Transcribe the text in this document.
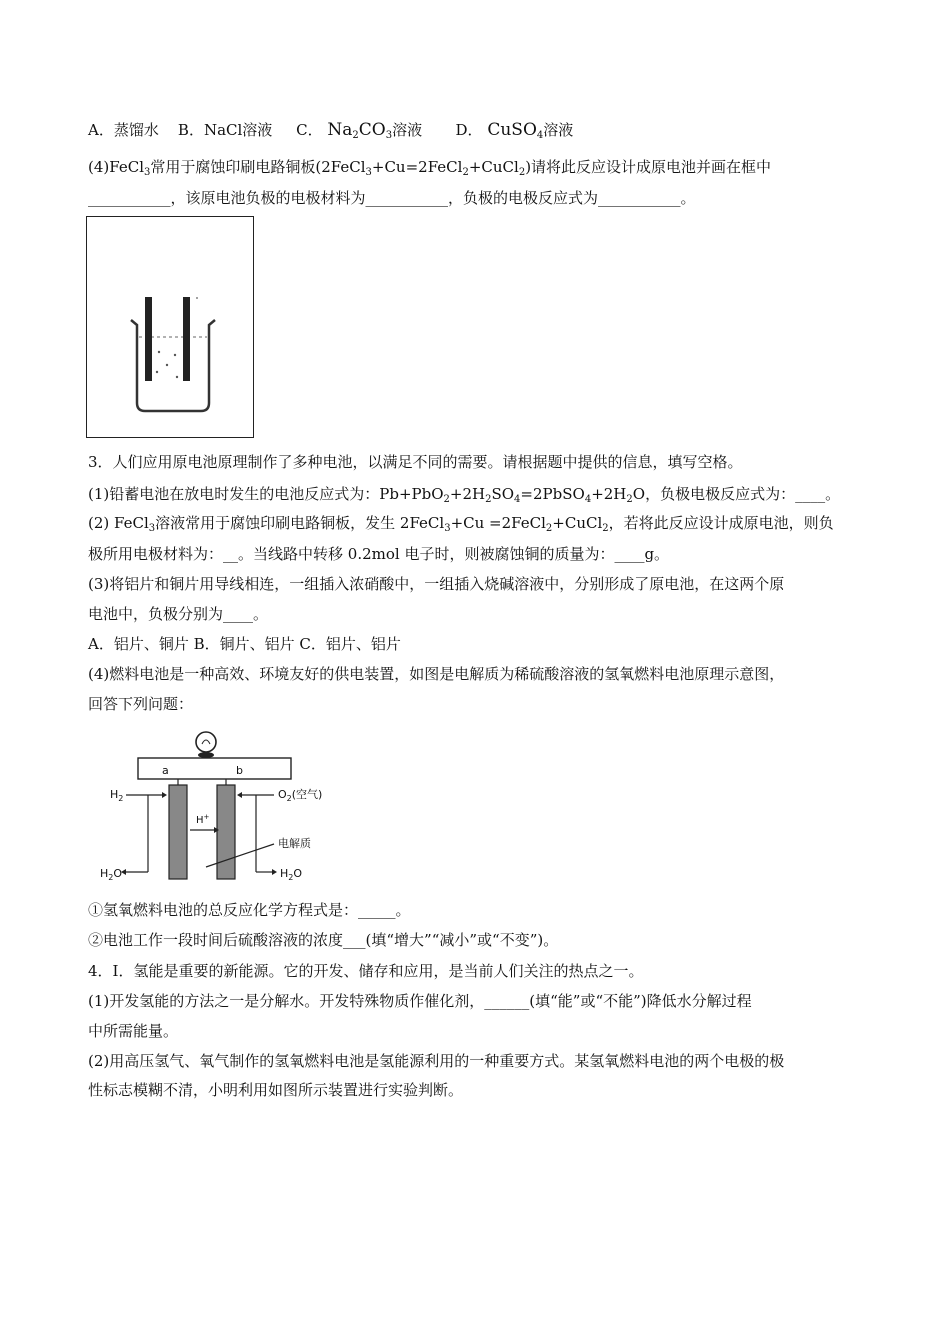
A．蒸馏水 B．NaCl溶液 C． $Na_2CO_3$溶液 D． CuSO$_4$溶液
(4)FeCl$_3$常用于腐蚀印刷电路铜板(2FeCl$_3$+Cu=2FeCl$_2$+CuCl$_2$)请将此反应设计成原电池并画在框中
___________，该原电池负极的电极材料为___________，负极的电极反应式为___________。
3．人们应用原电池原理制作了多种电池，以满足不同的需要。请根据题中提供的信息，填写空格。
(1)铅蓄电池在放电时发生的电池反应式为：$Pb+PbO_2+2H_2SO_4=2PbSO_4+2H_2O$，负极电极反应式为：____。
(2) FeCl$_3$溶液常用于腐蚀印刷电路铜板，发生 2FeCl$_3$+Cu =2FeCl$_2$+CuCl$_2$，若将此反应设计成原电池，则负
极所用电极材料为：__。当线路中转移 0.2mol 电子时，则被腐蚀铜的质量为：____g。
(3)将铝片和铜片用导线相连，一组插入浓硝酸中，一组插入烧碱溶液中，分别形成了原电池，在这两个原
电池中，负极分别为____。
A．铝片、铜片 B．铜片、铝片 C．铝片、铝片
(4)燃料电池是一种高效、环境友好的供电装置，如图是电解质为稀硫酸溶液的氢氧燃料电池原理示意图，
回答下列问题：
a	b
H+
$H_2$
$H_2O$
$O_2$(空气)
$H_2O$
电解质
①氢氧燃料电池的总反应化学方程式是：_____。
②电池工作一段时间后硫酸溶液的浓度___(填“增大”“减小”或“不变”)。
4．I．氢能是重要的新能源。它的开发、储存和应用，是当前人们关注的热点之一。
(1)开发氢能的方法之一是分解水。开发特殊物质作催化剂，______(填“能”或“不能”)降低水分解过程
中所需能量。
(2)用高压氢气、氧气制作的氢氧燃料电池是氢能源利用的一种重要方式。某氢氧燃料电池的两个电极的极
性标志模糊不清，小明利用如图所示装置进行实验判断。
